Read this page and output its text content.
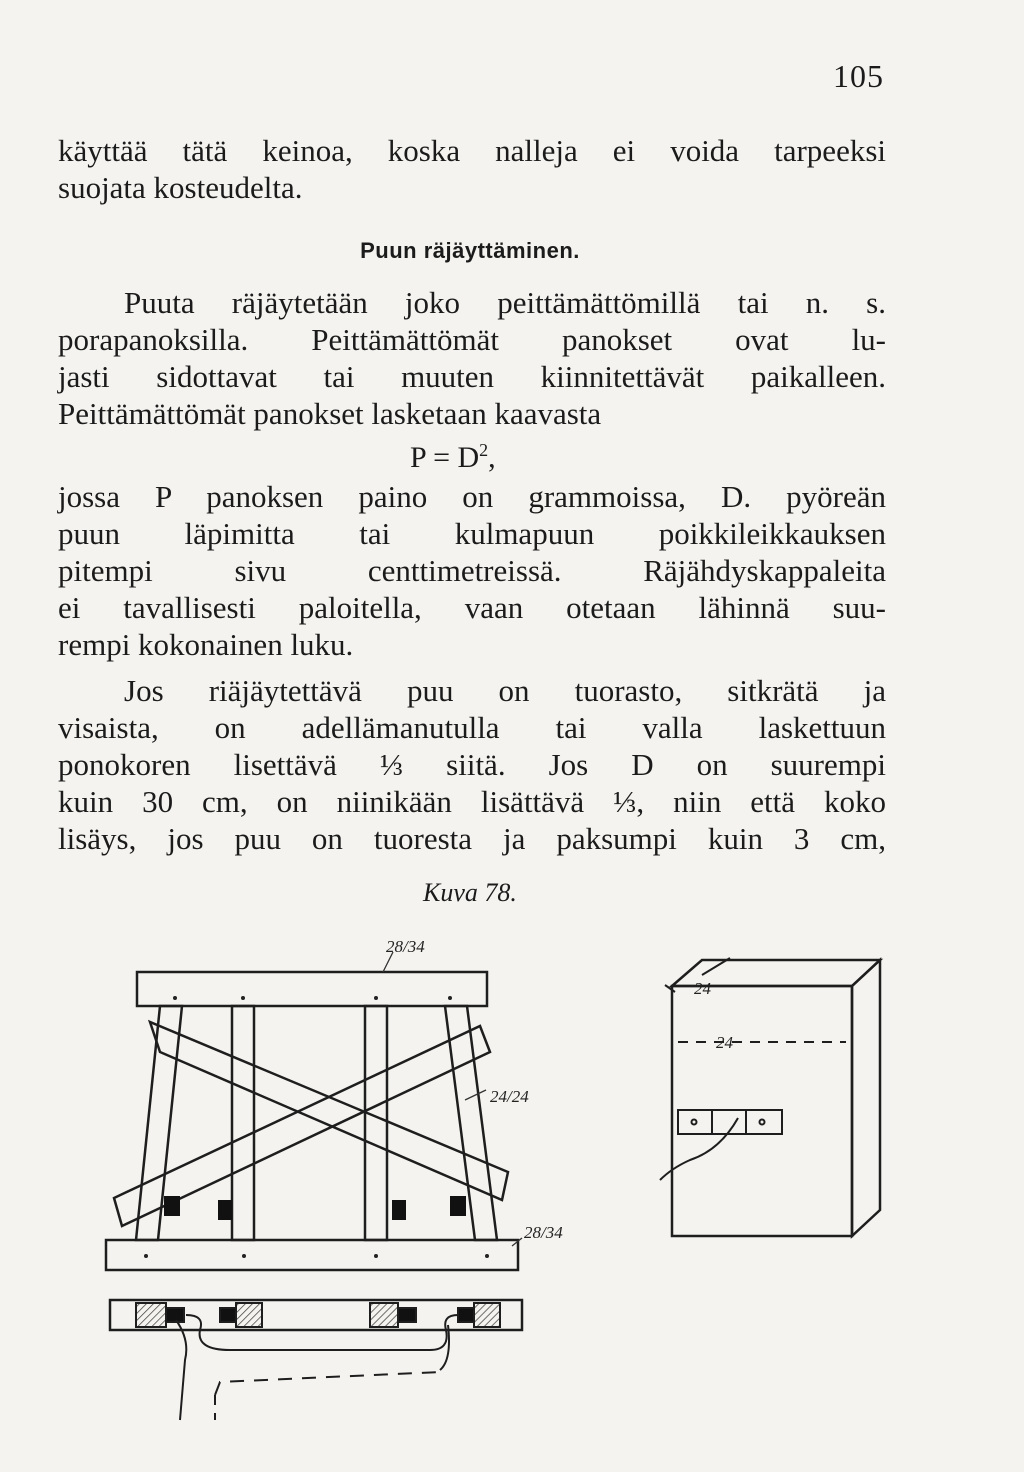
105
käyttää tätä keinoa, koska nalleja ei voida tarpeeksi
suojata kosteudelta.
Puun räjäyttäminen.
Puuta räjäytetään joko peittämättömillä tai n. s.
porapanoksilla. Peittämättömät panokset ovat lu-
jasti sidottavat tai muuten kiinnitettävät paikalleen.
Peittämättömät panokset lasketaan kaavasta
$P = D^2$,
jossa P panoksen paino on grammoissa, D. pyöreän
puun läpimitta tai kulmapuun poikkileikkauksen
pitempi sivu centtimetreissä. Räjähdyskappaleita
ei tavallisesti paloitella, vaan otetaan lähinnä suu-
rempi kokonainen luku.
Jos riäjäytettävä puu on tuorasto, sitkrätä ja
visaista, on adellämanutulla tai valla laskettuun
ponokoren lisettävä ⅓ siitä. Jos D on suurempi
kuin 30 cm, on niinikään lisättävä ⅓, niin että koko
lisäys, jos puu on tuoresta ja paksumpi kuin 3 cm,
Kuva 78.
28/34
24/24
28/34
24
24
